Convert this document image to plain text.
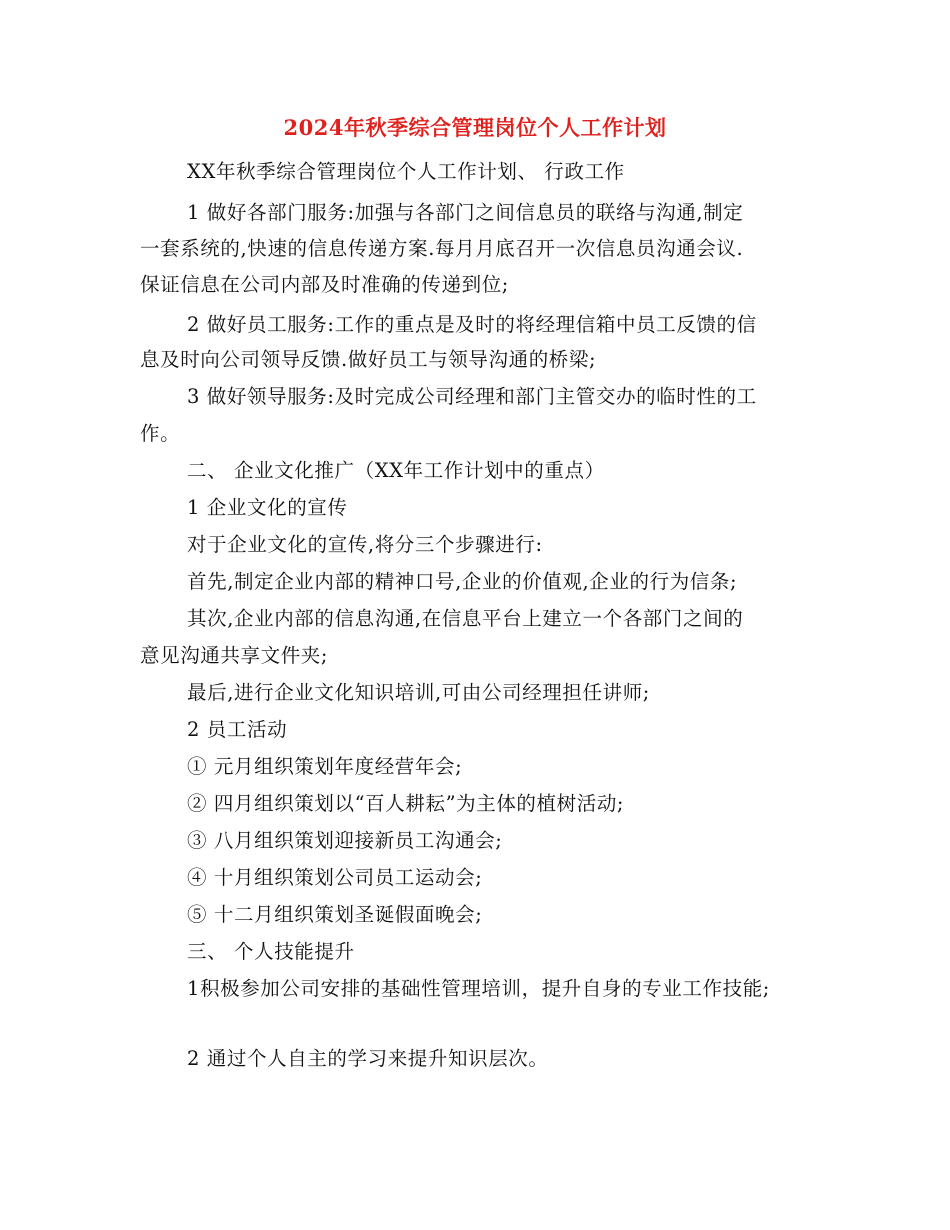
2024年秋季综合管理岗位个人工作计划
XX年秋季综合管理岗位个人工作计划、 行政工作
1 做好各部门服务:加强与各部门之间信息员的联络与沟通,制定
一套系统的,快速的信息传递方案.每月月底召开一次信息员沟通会议.
保证信息在公司内部及时准确的传递到位;
2 做好员工服务:工作的重点是及时的将经理信箱中员工反馈的信
息及时向公司领导反馈.做好员工与领导沟通的桥梁;
3 做好领导服务:及时完成公司经理和部门主管交办的临时性的工
作。
二、 企业文化推广（XX年工作计划中的重点）
1 企业文化的宣传
对于企业文化的宣传,将分三个步骤进行:
首先,制定企业内部的精神口号,企业的价值观,企业的行为信条;
其次,企业内部的信息沟通,在信息平台上建立一个各部门之间的
意见沟通共享文件夹;
最后,进行企业文化知识培训,可由公司经理担任讲师;
2 员工活动
① 元月组织策划年度经营年会;
② 四月组织策划以“百人耕耘”为主体的植树活动;
③ 八月组织策划迎接新员工沟通会;
④ 十月组织策划公司员工运动会;
⑤ 十二月组织策划圣诞假面晚会;
三、 个人技能提升
1积极参加公司安排的基础性管理培训，提升自身的专业工作技能;
2 通过个人自主的学习来提升知识层次。
